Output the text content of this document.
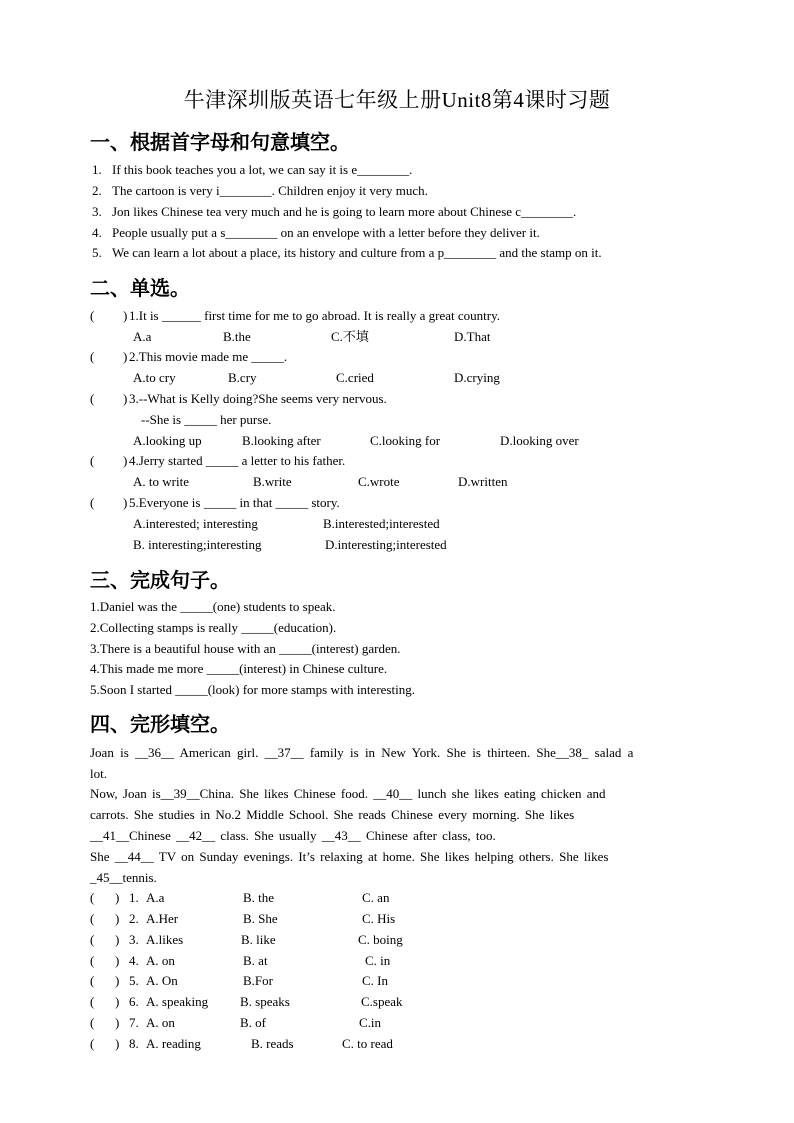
牛津深圳版英语七年级上册Unit8第4课时习题
一、根据首字母和句意填空。
1. If this book teaches you a lot, we can say it is e________.
2. The cartoon is very i________. Children enjoy it very much.
3. Jon likes Chinese tea very much and he is going to learn more about Chinese c________.
4. People usually put a s________ on an envelope with a letter before they deliver it.
5. We can learn a lot about a place, its history and culture from a p________ and the stamp on it.
二、单选。
( ) 1.It is ______ first time for me to go abroad. It is really a great country.
A.a	B.the	C.不填	D.That
( ) 2.This movie made me _____.
A.to cry	B.cry	C.cried	D.crying
( ) 3.--What is Kelly doing?She seems very nervous.
--She is _____ her purse.
A.looking up	B.looking after	C.looking for	D.looking over
( ) 4.Jerry started _____ a letter to his father.
A. to write	B.write	C.wrote	D.written
( ) 5.Everyone is _____ in that _____ story.
A.interested; interesting	B.interested;interested
B. interesting;interesting	D.interesting;interested
三、完成句子。
1.Daniel was the _____(one) students to speak.
2.Collecting stamps is really _____(education).
3.There is a beautiful house with an _____(interest) garden.
4.This made me more _____(interest) in Chinese culture.
5.Soon I started _____(look) for more stamps with interesting.
四、完形填空。
Joan is __36__ American girl. __37__ family is in New York. She is thirteen. She__38_ salad a
lot.
Now, Joan is__39__China. She likes Chinese food. __40__ lunch she likes eating chicken and
carrots. She studies in No.2 Middle School. She reads Chinese every morning. She likes
__41__Chinese __42__ class. She usually __43__ Chinese after class, too.
She __44__ TV on Sunday evenings. It’s relaxing at home. She likes helping others. She likes
_45__tennis.
( ) 1. A.a	B. the	C. an
( ) 2. A.Her	B. She	C. His
( ) 3. A.likes	B. like	C. boing
( ) 4. A. on	B. at	C. in
( ) 5. A. On	B.For	C. In
( ) 6. A. speaking B. speaks	C.speak
( ) 7. A. on	B. of	C.in
( ) 8. A. reading	B. reads	C. to read
